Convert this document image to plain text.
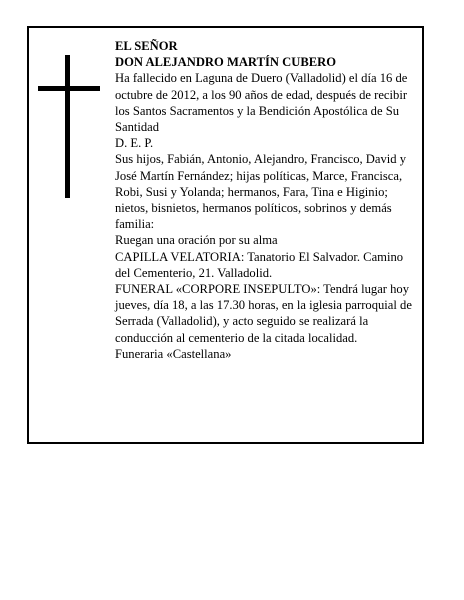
EL SEÑOR

DON ALEJANDRO MARTÍN CUBERO

Ha fallecido en Laguna de Duero (Valladolid) el día 16 de octubre de 2012, a los 90 años de edad, después de recibir los Santos Sacramentos y la Bendición Apostólica de Su Santidad

D. E. P.

Sus hijos, Fabián, Antonio, Alejandro, Francisco, David y José Martín Fernández; hijas políticas, Marce, Francisca, Robi, Susi y Yolanda; hermanos, Fara, Tina e Higinio; nietos, bisnietos, hermanos políticos, sobrinos y demás familia:

Ruegan una oración por su alma

CAPILLA VELATORIA: Tanatorio El Salvador. Camino del Cementerio, 21. Valladolid.

FUNERAL «CORPORE INSEPULTO»: Tendrá lugar hoy jueves, día 18, a las 17.30 horas, en la iglesia parroquial de Serrada (Valladolid), y acto seguido se realizará la conducción al cementerio de la citada localidad.

Funeraria «Castellana»
